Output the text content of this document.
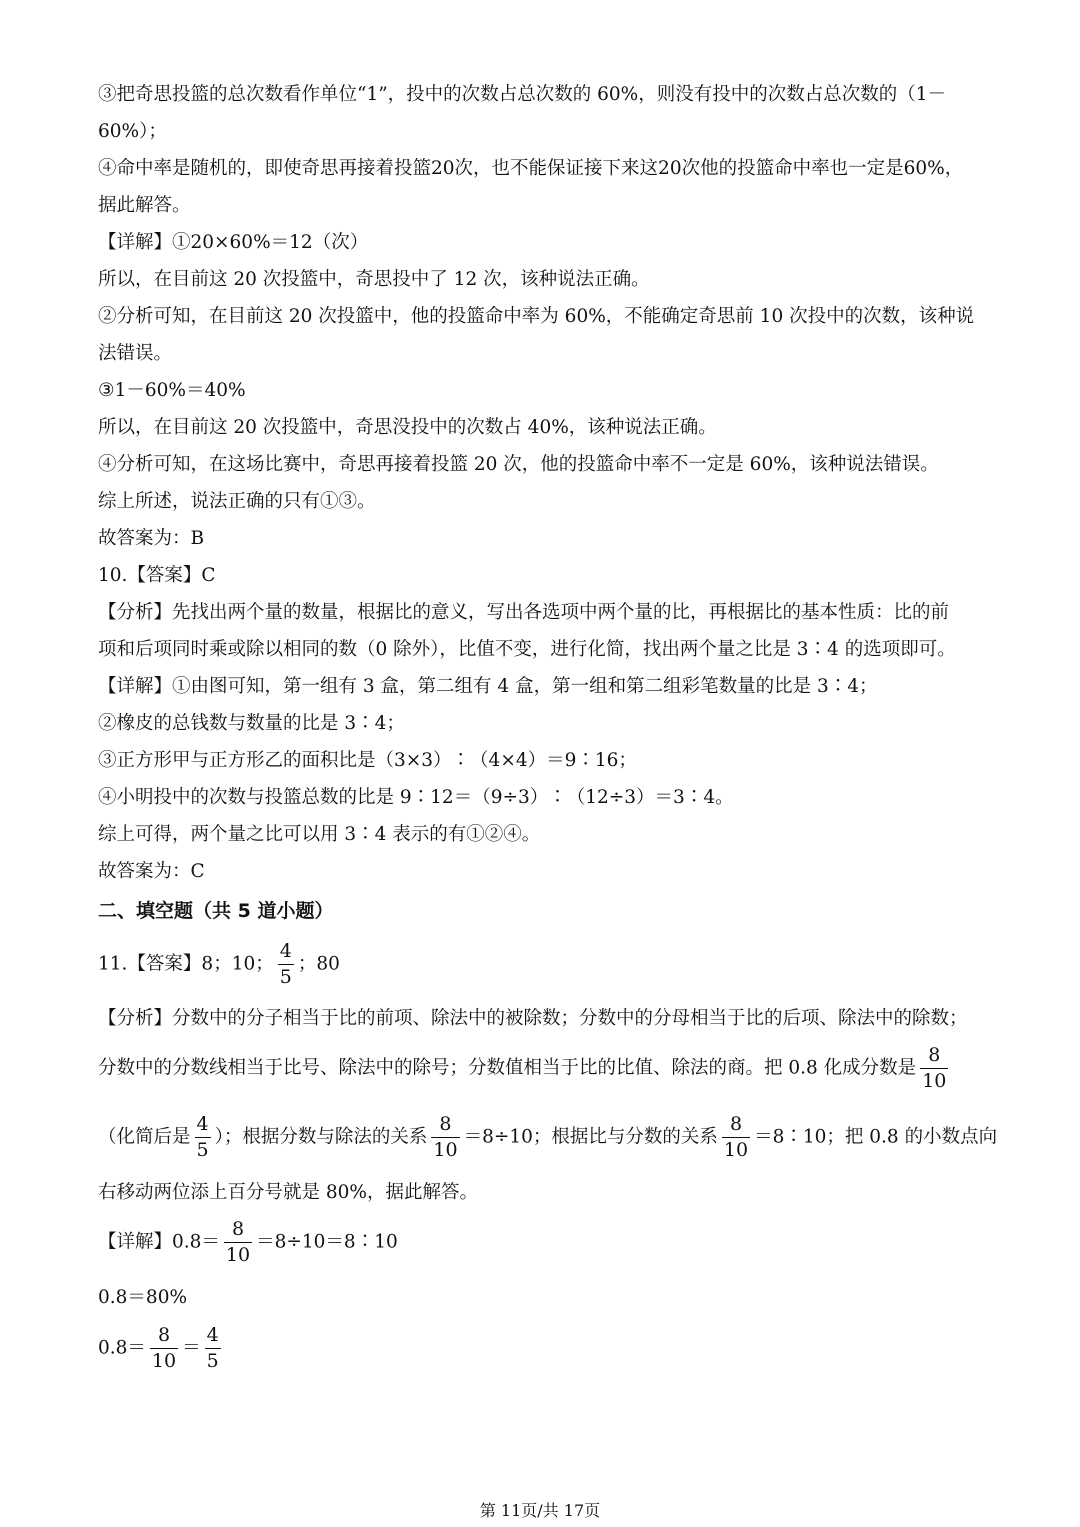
③把奇思投篮的总次数看作单位“1”，投中的次数占总次数的 60%，则没有投中的次数占总次数的（1－
60%）；
④命中率是随机的，即使奇思再接着投篮20次，也不能保证接下来这20次他的投篮命中率也一定是60%，
据此解答。
【详解】①20×60%＝12（次）
所以，在目前这 20 次投篮中，奇思投中了 12 次，该种说法正确。
②分析可知，在目前这 20 次投篮中，他的投篮命中率为 60%，不能确定奇思前 10 次投中的次数，该种说
法错误。
③1－60%＝40%
所以，在目前这 20 次投篮中，奇思没投中的次数占 40%，该种说法正确。
④分析可知，在这场比赛中，奇思再接着投篮 20 次，他的投篮命中率不一定是 60%，该种说法错误。
综上所述，说法正确的只有①③。
故答案为：B
10.【答案】C
【分析】先找出两个量的数量，根据比的意义，写出各选项中两个量的比，再根据比的基本性质：比的前
项和后项同时乘或除以相同的数（0 除外），比值不变，进行化简，找出两个量之比是 3∶4 的选项即可。
【详解】①由图可知，第一组有 3 盒，第二组有 4 盒，第一组和第二组彩笔数量的比是 3∶4；
②橡皮的总钱数与数量的比是 3∶4；
③正方形甲与正方形乙的面积比是（3×3）∶（4×4）＝9∶16；
④小明投中的次数与投篮总数的比是 9∶12＝（9÷3）∶（12÷3）＝3∶4。
综上可得，两个量之比可以用 3∶4 表示的有①②④。
故答案为：C
二、填空题（共 5 道小题）
11.【答案】8；10； $\frac{4}{5}$ ；80
【分析】分数中的分子相当于比的前项、除法中的被除数；分数中的分母相当于比的后项、除法中的除数；
分数中的分数线相当于比号、除法中的除号；分数值相当于比的比值、除法的商。把 0.8 化成分数是 $\frac{8}{10}$
（化简后是 $\frac{4}{5}$ ）；根据分数与除法的关系 $\frac{8}{10} =8\div 10$；根据比与分数的关系 $\frac{8}{10}$ ＝8∶10；把 0.8 的小数点向
右移动两位添上百分号就是 80%，据此解答。
【详解】$0.8= \frac{8}{10}$ ＝8÷10＝8∶10
0.8＝80%
$0.8= \frac{8}{10} = \frac{4}{5}$
第 11页/共 17页
